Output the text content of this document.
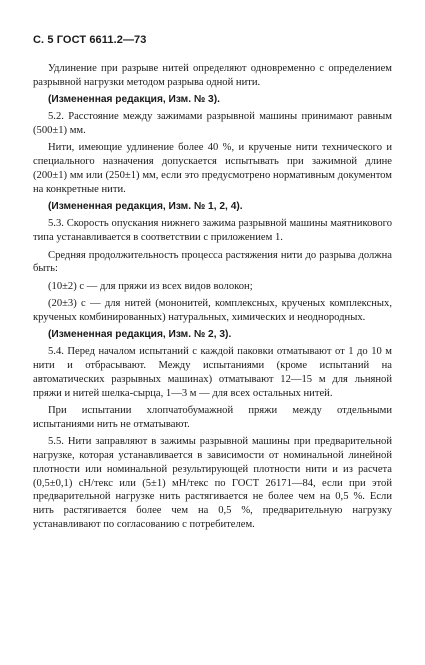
С. 5 ГОСТ 6611.2—73

Удлинение при разрыве нитей определяют одновременно с определением разрывной нагрузки методом разрыва одной нити.

(Измененная редакция, Изм. № 3).

5.2. Расстояние между зажимами разрывной машины принимают равным (500±1) мм.

Нити, имеющие удлинение более 40 %, и крученые нити технического и специального назначения допускается испытывать при зажимной длине (200±1) мм или (250±1) мм, если это предусмотрено нормативным документом на конкретные нити.

(Измененная редакция, Изм. № 1, 2, 4).

5.3. Скорость опускания нижнего зажима разрывной машины маятникового типа устанавливается в соответствии с приложением 1.

Средняя продолжительность процесса растяжения нити до разрыва должна быть:

(10±2) с — для пряжи из всех видов волокон;

(20±3) с — для нитей (мононитей, комплексных, крученых комплексных, крученых комбинированных) натуральных, химических и неоднородных.

(Измененная редакция, Изм. № 2, 3).

5.4. Перед началом испытаний с каждой паковки отматывают от 1 до 10 м нити и отбрасывают. Между испытаниями (кроме испытаний на автоматических разрывных машинах) отматывают 12—15 м для льняной пряжи и нитей шелка-сырца, 1—3 м — для всех остальных нитей.

При испытании хлопчатобумажной пряжи между отдельными испытаниями нить не отматывают.

5.5. Нити заправляют в зажимы разрывной машины при предварительной нагрузке, которая устанавливается в зависимости от номинальной линейной плотности или номинальной результирующей плотности нити и из расчета (0,5±0,1) сН/текс или (5±1) мН/текс по ГОСТ 26171—84, если при этой предварительной нагрузке нить растягивается не более чем на 0,5 %. Если нить растягивается более чем на 0,5 %, предварительную нагрузку устанавливают по согласованию с потребителем.
